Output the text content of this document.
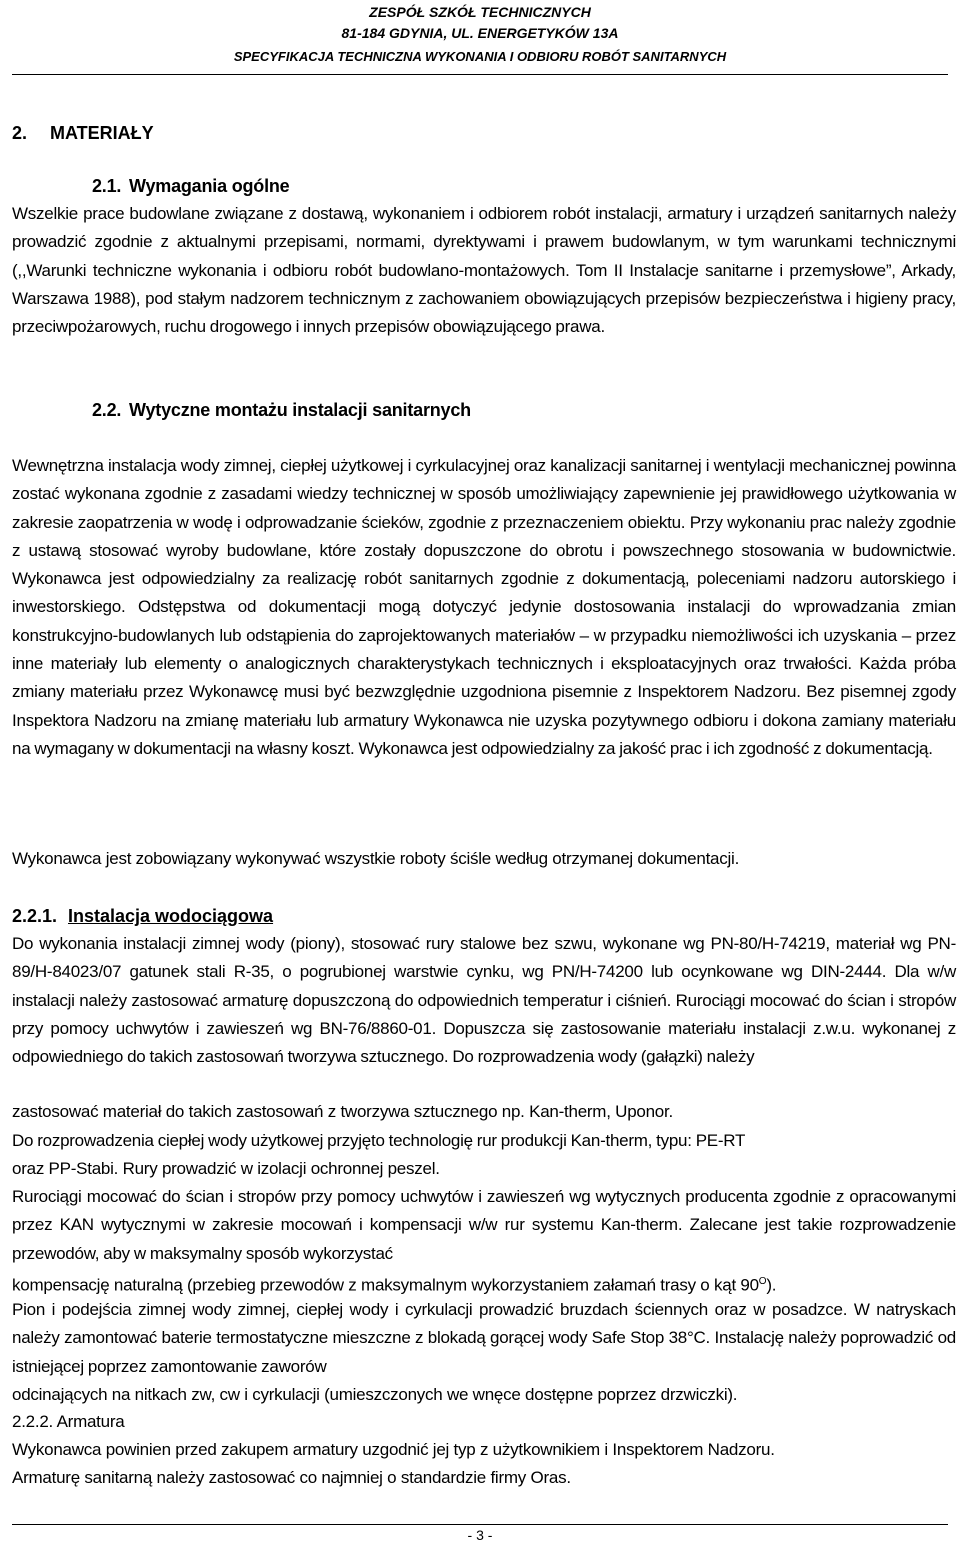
ZESPÓŁ SZKÓŁ TECHNICZNYCH
81-184 GDYNIA, UL. ENERGETYKÓW 13A
SPECYFIKACJA TECHNICZNA WYKONANIA I ODBIORU ROBÓT SANITARNYCH
2. MATERIAŁY
2.1. Wymagania ogólne
Wszelkie prace budowlane związane z dostawą, wykonaniem i odbiorem robót instalacji, armatury i urządzeń sanitarnych należy prowadzić zgodnie z aktualnymi przepisami, normami, dyrektywami i prawem budowlanym, w tym warunkami technicznymi (,,Warunki techniczne wykonania i odbioru robót budowlano-montażowych. Tom II Instalacje sanitarne i przemysłowe”, Arkady, Warszawa 1988), pod stałym nadzorem technicznym z zachowaniem obowiązujących przepisów bezpieczeństwa i higieny pracy, przeciwpożarowych, ruchu drogowego i innych przepisów obowiązującego prawa.
2.2. Wytyczne montażu instalacji sanitarnych
Wewnętrzna instalacja wody zimnej, ciepłej użytkowej i cyrkulacyjnej oraz kanalizacji sanitarnej i wentylacji mechanicznej powinna zostać wykonana zgodnie z zasadami wiedzy technicznej w sposób umożliwiający zapewnienie jej prawidłowego użytkowania w zakresie zaopatrzenia w wodę i odprowadzanie ścieków, zgodnie z przeznaczeniem obiektu. Przy wykonaniu prac należy zgodnie z ustawą stosować wyroby budowlane, które zostały dopuszczone do obrotu i powszechnego stosowania w budownictwie. Wykonawca jest odpowiedzialny za realizację robót sanitarnych zgodnie z dokumentacją, poleceniami nadzoru autorskiego i inwestorskiego. Odstępstwa od dokumentacji mogą dotyczyć jedynie dostosowania instalacji do wprowadzania zmian konstrukcyjno-budowlanych lub odstąpienia do zaprojektowanych materiałów – w przypadku niemożliwości ich uzyskania – przez inne materiały lub elementy o analogicznych charakterystykach technicznych i eksploatacyjnych oraz trwałości. Każda próba zmiany materiału przez Wykonawcę musi być bezwzględnie uzgodniona pisemnie z Inspektorem Nadzoru. Bez pisemnej zgody Inspektora Nadzoru na zmianę materiału lub armatury Wykonawca nie uzyska pozytywnego odbioru i dokona zamiany materiału na wymagany w dokumentacji na własny koszt. Wykonawca jest odpowiedzialny za jakość prac i ich zgodność z dokumentacją.
Wykonawca jest zobowiązany wykonywać wszystkie roboty ściśle według otrzymanej dokumentacji.
2.2.1. Instalacja wodociągowa
Do wykonania instalacji zimnej wody (piony), stosować rury stalowe bez szwu, wykonane wg PN-80/H-74219, materiał wg PN-89/H-84023/07 gatunek stali R-35, o pogrubionej warstwie cynku, wg PN/H-74200 lub ocynkowane wg DIN-2444. Dla w/w instalacji należy zastosować armaturę dopuszczoną do odpowiednich temperatur i ciśnień. Rurociągi mocować do ścian i stropów przy pomocy uchwytów i zawieszeń wg BN-76/8860-01. Dopuszcza się zastosowanie materiału instalacji z.w.u. wykonanej z odpowiedniego do takich zastosowań tworzywa sztucznego. Do rozprowadzenia wody (gałązki) należy
zastosować materiał do takich zastosowań z tworzywa sztucznego np. Kan-therm, Uponor.
Do rozprowadzenia ciepłej wody użytkowej przyjęto technologię rur produkcji Kan-therm, typu: PE-RT
oraz PP-Stabi. Rury prowadzić w izolacji ochronnej peszel.
Rurociągi mocować do ścian i stropów przy pomocy uchwytów i zawieszeń wg wytycznych producenta zgodnie z opracowanymi przez KAN wytycznymi w zakresie mocowań i kompensacji w/w rur systemu Kan-therm. Zalecane jest takie rozprowadzenie przewodów, aby w maksymalny sposób wykorzystać
kompensację naturalną (przebieg przewodów z maksymalnym wykorzystaniem załamań trasy o kąt $90^O$).
Pion i podejścia zimnej wody zimnej, ciepłej wody i cyrkulacji prowadzić bruzdach ściennych oraz w posadzce. W natryskach należy zamontować baterie termostatyczne mieszczne z blokadą gorącej wody Safe Stop 38°C. Instalację należy poprowadzić od istniejącej poprzez zamontowanie zaworów
odcinających na nitkach zw, cw i cyrkulacji (umieszczonych we wnęce dostępne poprzez drzwiczki).
2.2.2. Armatura
Wykonawca powinien przed zakupem armatury uzgodnić jej typ z użytkownikiem i Inspektorem Nadzoru.
Armaturę sanitarną należy zastosować co najmniej o standardzie firmy Oras.
- 3 -
